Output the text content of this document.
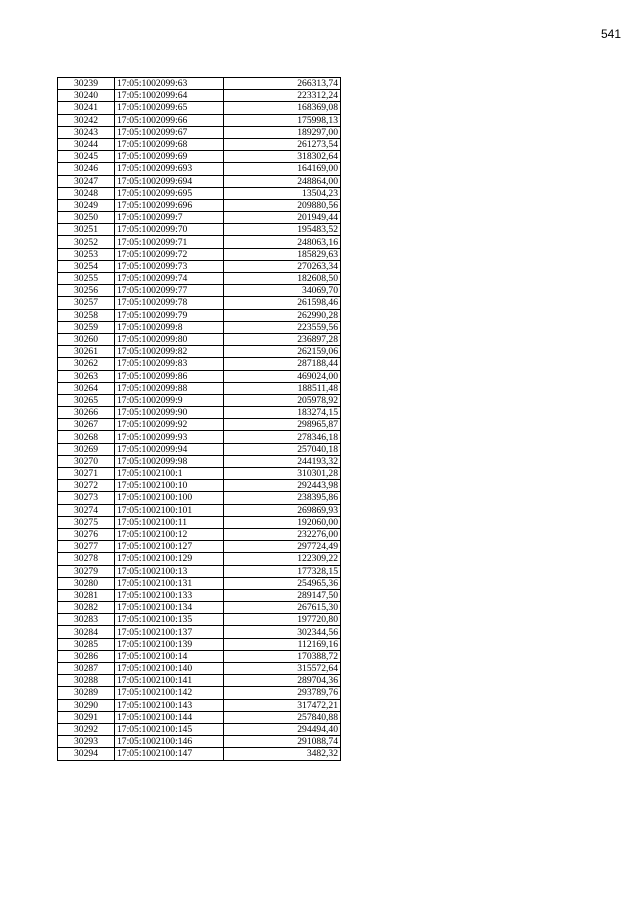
541
30239	17:05:1002099:63	266313,74
30240	17:05:1002099:64	223312,24
30241	17:05:1002099:65	168369,08
30242	17:05:1002099:66	175998,13
30243	17:05:1002099:67	189297,00
30244	17:05:1002099:68	261273,54
30245	17:05:1002099:69	318302,64
30246	17:05:1002099:693	164169,00
30247	17:05:1002099:694	248864,00
30248	17:05:1002099:695	13504,23
30249	17:05:1002099:696	209880,56
30250	17:05:1002099:7	201949,44
30251	17:05:1002099:70	195483,52
30252	17:05:1002099:71	248063,16
30253	17:05:1002099:72	185829,63
30254	17:05:1002099:73	270263,34
30255	17:05:1002099:74	182608,50
30256	17:05:1002099:77	34069,70
30257	17:05:1002099:78	261598,46
30258	17:05:1002099:79	262990,28
30259	17:05:1002099:8	223559,56
30260	17:05:1002099:80	236897,28
30261	17:05:1002099:82	262159,06
30262	17:05:1002099:83	287188,44
30263	17:05:1002099:86	469024,00
30264	17:05:1002099:88	188511,48
30265	17:05:1002099:9	205978,92
30266	17:05:1002099:90	183274,15
30267	17:05:1002099:92	298965,87
30268	17:05:1002099:93	278346,18
30269	17:05:1002099:94	257040,18
30270	17:05:1002099:98	244193,32
30271	17:05:1002100:1	310301,28
30272	17:05:1002100:10	292443,98
30273	17:05:1002100:100	238395,86
30274	17:05:1002100:101	269869,93
30275	17:05:1002100:11	192060,00
30276	17:05:1002100:12	232276,00
30277	17:05:1002100:127	297724,49
30278	17:05:1002100:129	122309,22
30279	17:05:1002100:13	177328,15
30280	17:05:1002100:131	254965,36
30281	17:05:1002100:133	289147,50
30282	17:05:1002100:134	267615,30
30283	17:05:1002100:135	197720,80
30284	17:05:1002100:137	302344,56
30285	17:05:1002100:139	112169,16
30286	17:05:1002100:14	170388,72
30287	17:05:1002100:140	315572,64
30288	17:05:1002100:141	289704,36
30289	17:05:1002100:142	293789,76
30290	17:05:1002100:143	317472,21
30291	17:05:1002100:144	257840,88
30292	17:05:1002100:145	294494,40
30293	17:05:1002100:146	291088,74
30294	17:05:1002100:147	3482,32
